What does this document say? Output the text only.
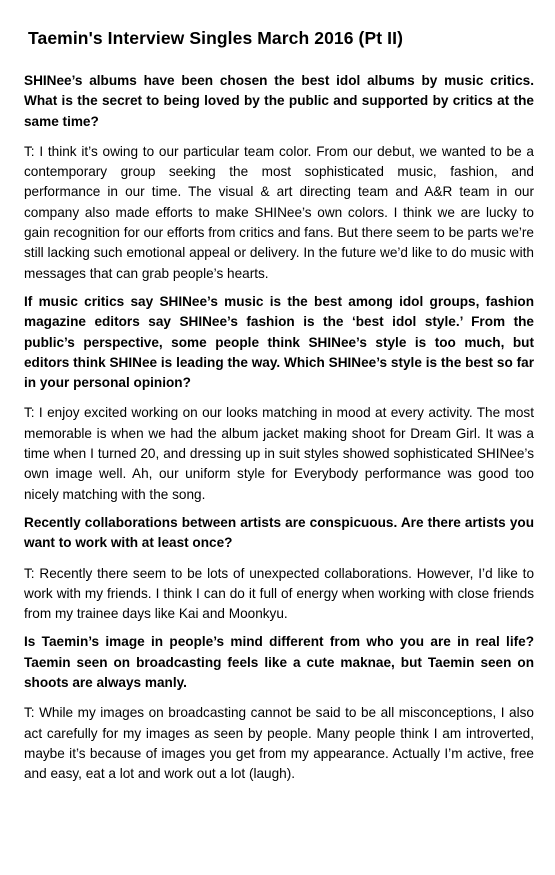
Taemin's Interview Singles March 2016 (Pt II)

SHINee’s albums have been chosen the best idol albums by music critics. What is the secret to being loved by the public and supported by critics at the same time?

T: I think it’s owing to our particular team color. From our debut, we wanted to be a contemporary group seeking the most sophisticated music, fashion, and performance in our time. The visual & art directing team and A&R team in our company also made efforts to make SHINee’s own colors. I think we are lucky to gain recognition for our efforts from critics and fans. But there seem to be parts we’re still lacking such emotional appeal or delivery. In the future we’d like to do music with messages that can grab people’s hearts.

If music critics say SHINee’s music is the best among idol groups, fashion magazine editors say SHINee’s fashion is the ‘best idol style.’ From the public’s perspective, some people think SHINee’s style is too much, but editors think SHINee is leading the way. Which SHINee’s style is the best so far in your personal opinion?

T: I enjoy excited working on our looks matching in mood at every activity. The most memorable is when we had the album jacket making shoot for Dream Girl. It was a time when I turned 20, and dressing up in suit styles showed sophisticated SHINee’s own image well. Ah, our uniform style for Everybody performance was good too nicely matching with the song.

Recently collaborations between artists are conspicuous. Are there artists you want to work with at least once?

T: Recently there seem to be lots of unexpected collaborations. However, I’d like to work with my friends. I think I can do it full of energy when working with close friends from my trainee days like Kai and Moonkyu.

Is Taemin’s image in people’s mind different from who you are in real life? Taemin seen on broadcasting feels like a cute maknae, but Taemin seen on shoots are always manly.

T: While my images on broadcasting cannot be said to be all misconceptions, I also act carefully for my images as seen by people. Many people think I am introverted, maybe it’s because of images you get from my appearance. Actually I’m active, free and easy, eat a lot and work out a lot (laugh).
